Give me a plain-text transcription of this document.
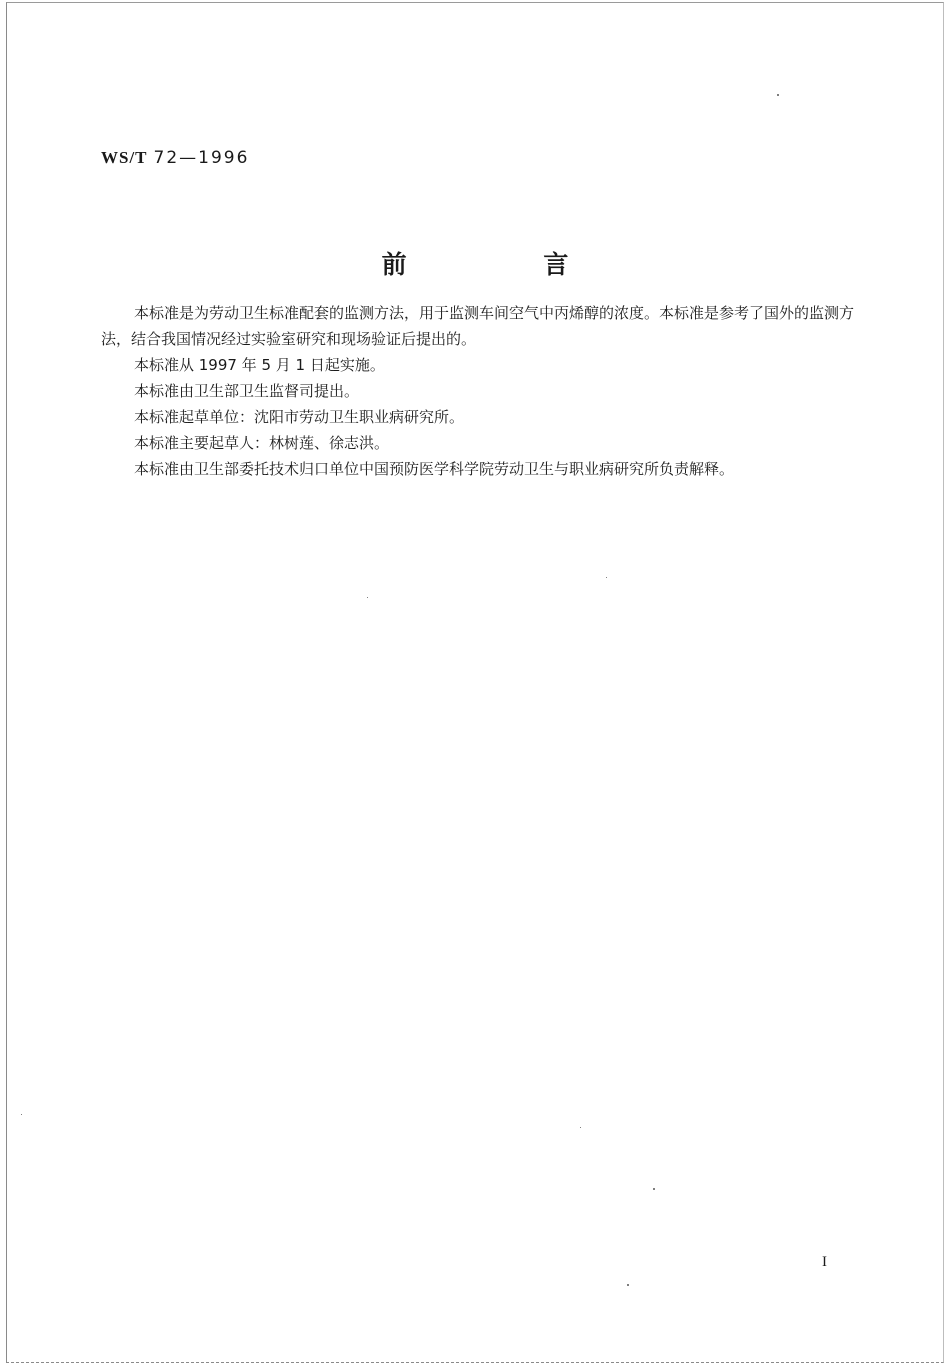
WS/T 72—1996
前 言

本标准是为劳动卫生标准配套的监测方法，用于监测车间空气中丙烯醇的浓度。本标准是参考了国外的监测方法，结合我国情况经过实验室研究和现场验证后提出的。

本标准从 1997 年 5 月 1 日起实施。

本标准由卫生部卫生监督司提出。

本标准起草单位：沈阳市劳动卫生职业病研究所。

本标准主要起草人：林树莲、徐志洪。

本标准由卫生部委托技术归口单位中国预防医学科学院劳动卫生与职业病研究所负责解释。

I
